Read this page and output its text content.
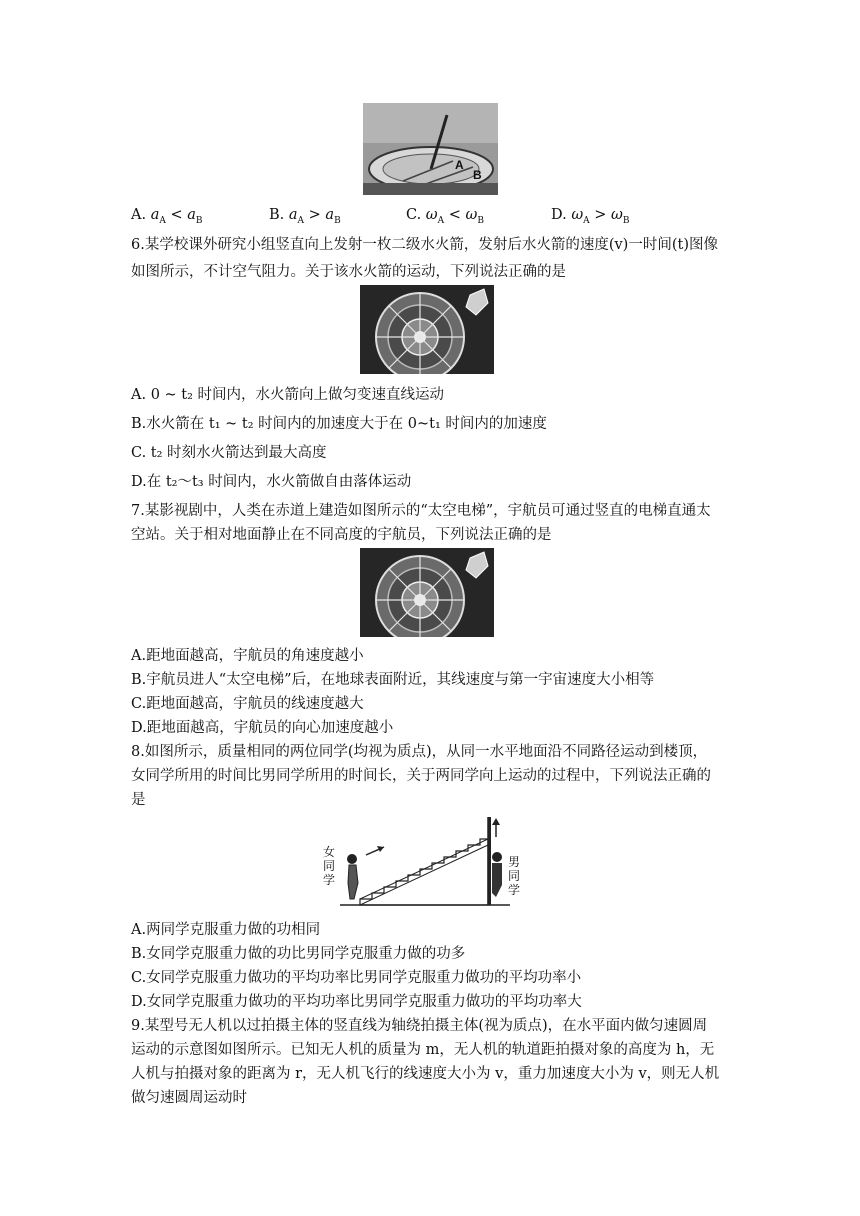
A
B
A. $a_A < a_B$	B. $a_A > a_B$	C. $\omega_A < \omega_B$	D. $\omega_A > \omega_B$
6.某学校课外研究小组竖直向上发射一枚二级水火箭，发射后水火箭的速度(v)一时间(t)图像
如图所示，不计空气阻力。关于该水火箭的运动，下列说法正确的是
A. 0 ~ t₂ 时间内，水火箭向上做匀变速直线运动
B.水火箭在 t₁ ~ t₂ 时间内的加速度大于在 0~t₁ 时间内的加速度
C. t₂ 时刻水火箭达到最大高度
D.在 t₂～t₃ 时间内，水火箭做自由落体运动
7.某影视剧中，人类在赤道上建造如图所示的“太空电梯”，宇航员可通过竖直的电梯直通太
空站。关于相对地面静止在不同高度的宇航员，下列说法正确的是
A.距地面越高，宇航员的角速度越小
B.宇航员进人“太空电梯”后，在地球表面附近，其线速度与第一宇宙速度大小相等
C.距地面越高，宇航员的线速度越大
D.距地面越高，宇航员的向心加速度越小
8.如图所示，质量相同的两位同学(均视为质点)，从同一水平地面沿不同路径运动到楼顶，
女同学所用的时间比男同学所用的时间长，关于两同学向上运动的过程中，下列说法正确的
是
女同学
男同学
A.两同学克服重力做的功相同
B.女同学克服重力做的功比男同学克服重力做的功多
C.女同学克服重力做功的平均功率比男同学克服重力做功的平均功率小
D.女同学克服重力做功的平均功率比男同学克服重力做功的平均功率大
9.某型号无人机以过拍摄主体的竖直线为轴绕拍摄主体(视为质点)，在水平面内做匀速圆周
运动的示意图如图所示。已知无人机的质量为 m，无人机的轨道距拍摄对象的高度为 h，无
人机与拍摄对象的距离为 r，无人机飞行的线速度大小为 v，重力加速度大小为 v，则无人机
做匀速圆周运动时
